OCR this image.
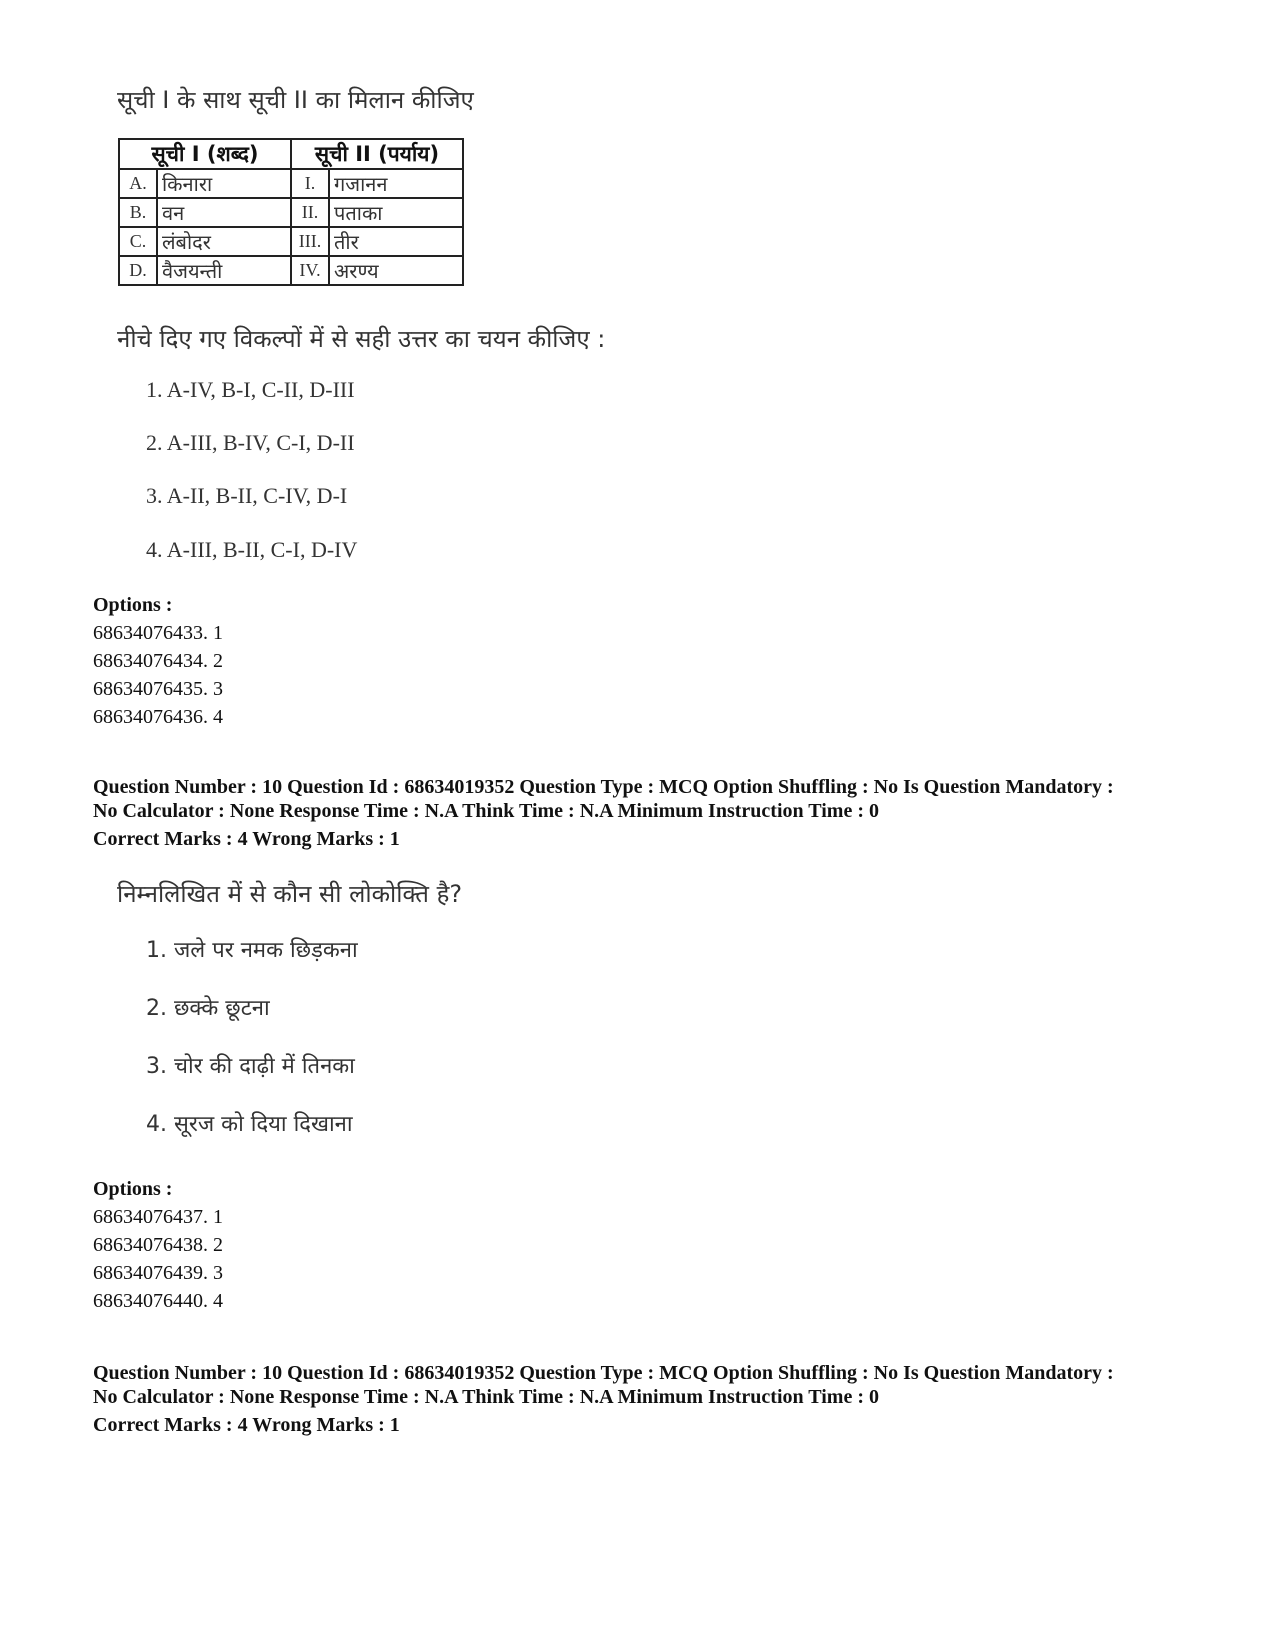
सूची I के साथ सूची II का मिलान कीजिए
सूची I (शब्द)		सूची II (पर्याय)	
A.	किनारा	I.	गजानन
B.	वन	II.	पताका
C.	लंबोदर	III.	तीर
D.	वैजयन्ती	IV.	अरण्य
नीचे दिए गए विकल्पों में से सही उत्तर का चयन कीजिए :
1. A-IV, B-I, C-II, D-III
2. A-III, B-IV, C-I, D-II
3. A-II, B-II, C-IV, D-I
4. A-III, B-II, C-I, D-IV
Options :
68634076433. 1
68634076434. 2
68634076435. 3
68634076436. 4
Question Number : 10 Question Id : 68634019352 Question Type : MCQ Option Shuffling : No Is Question Mandatory :
No Calculator : None Response Time : N.A Think Time : N.A Minimum Instruction Time : 0
Correct Marks : 4 Wrong Marks : 1
निम्नलिखित में से कौन सी लोकोक्ति है?
1. जले पर नमक छिड़कना
2. छक्के छूटना
3. चोर की दाढ़ी में तिनका
4. सूरज को दिया दिखाना
Options :
68634076437. 1
68634076438. 2
68634076439. 3
68634076440. 4
Question Number : 10 Question Id : 68634019352 Question Type : MCQ Option Shuffling : No Is Question Mandatory :
No Calculator : None Response Time : N.A Think Time : N.A Minimum Instruction Time : 0
Correct Marks : 4 Wrong Marks : 1
